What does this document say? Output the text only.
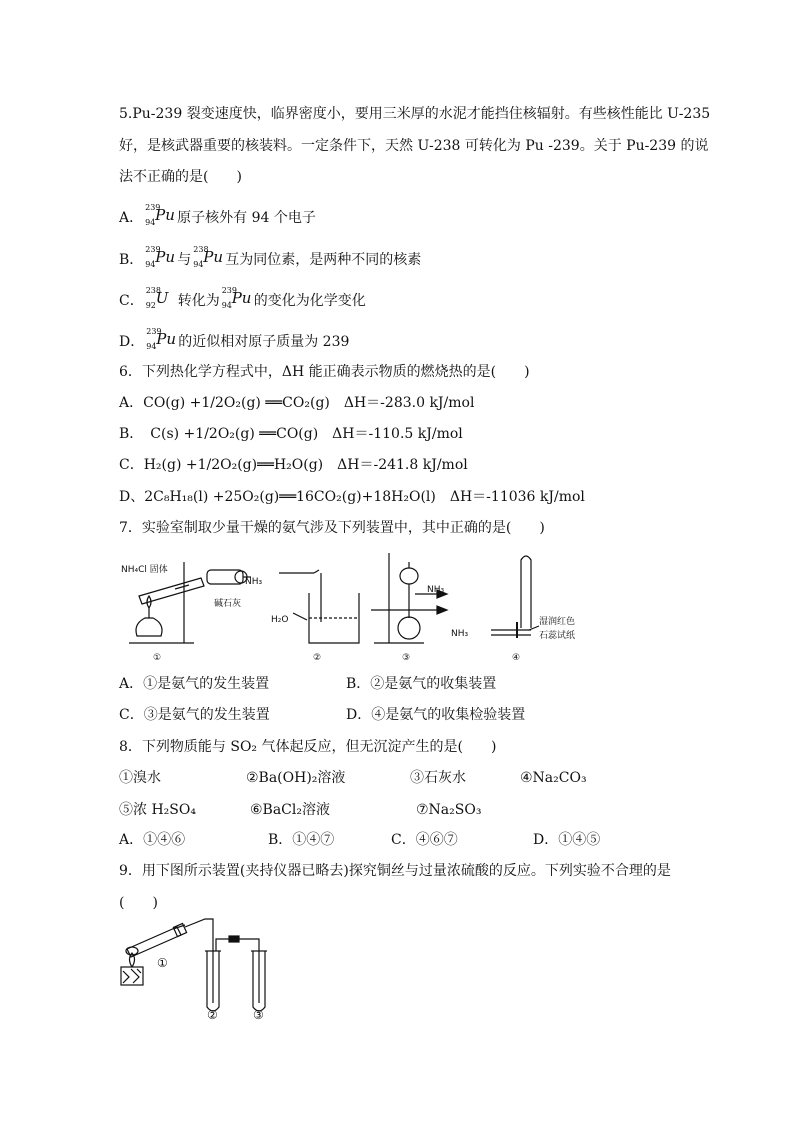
5.Pu-239 裂变速度快，临界密度小，要用三米厚的水泥才能挡住核辐射。有些核性能比 U-235
好，是核武器重要的核装料。一定条件下，天然 U-238 可转化为 Pu -239。关于 Pu-239 的说
法不正确的是(　　)
A．
239
94 Pu 原子核外有 94 个电子
B．
239
94 Pu 与
238
94 Pu 互为同位素，是两种不同的核素
C．
238
92 U 转化为
239
94 Pu 的变化为化学变化
D．
239
94 Pu 的近似相对原子质量为 239
6．下列热化学方程式中，ΔH 能正确表示物质的燃烧热的是(　　)
A．CO(g) +1/2O₂(g) ══CO₂(g)　ΔH＝-283.0 kJ/mol
B．　C(s) +1/2O₂(g) ══CO(g)　ΔH＝-110.5 kJ/mol
C．H₂(g) +1/2O₂(g)══H₂O(g)　ΔH＝-241.8 kJ/mol
D、2C₈H₁₈(l) +25O₂(g)══16CO₂(g)+18H₂O(l)　ΔH＝-11036 kJ/mol
7．实验室制取少量干燥的氨气涉及下列装置中，其中正确的是(　　)
NH₄Cl 固体
NH₃
碱石灰
H₂O
NH₃
NH₃
湿润红色
石蕊试纸
①	②	③	④
A．①是氨气的发生装置	B．②是氨气的收集装置
C．③是氨气的发生装置	D．④是氨气的收集检验装置
8．下列物质能与 SO₂ 气体起反应，但无沉淀产生的是(　　)
①溴水	②Ba(OH)₂溶液	③石灰水	④Na₂CO₃
⑤浓 H₂SO₄	⑥BaCl₂溶液	⑦Na₂SO₃
A．①④⑥	B．①④⑦	C．④⑥⑦	D．①④⑤
9．用下图所示装置(夹持仪器已略去)探究铜丝与过量浓硫酸的反应。下列实验不合理的是
(　　)
①
②	③
